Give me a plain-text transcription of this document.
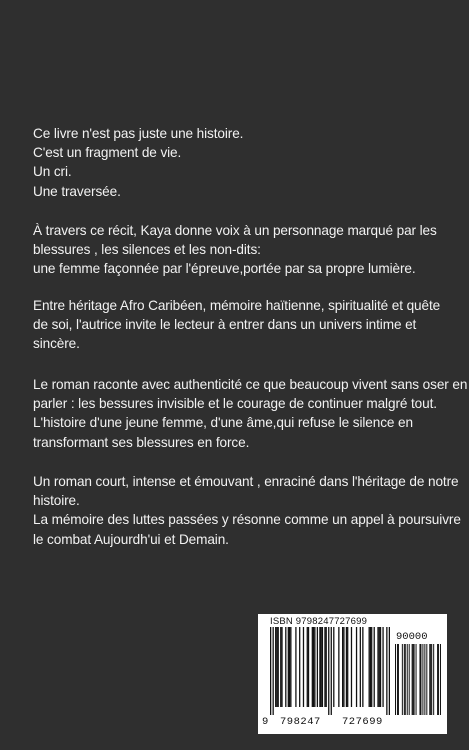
Ce livre n'est pas juste une histoire.
C'est un fragment de vie.
Un cri.
Une traversée.
À travers ce récit, Kaya donne voix à un personnage marqué par les
blessures , les silences et les non-dits:
une femme façonnée par l'épreuve,portée par sa propre lumière.
Entre héritage Afro Caribéen, mémoire haïtienne, spiritualité et quête
de soi, l'autrice invite le lecteur à entrer dans un univers intime et
sincère.
Le roman raconte avec authenticité ce que beaucoup vivent sans oser en
parler : les bessures invisible et le courage de continuer malgré tout.
L'histoire d'une jeune femme, d'une âme,qui refuse le silence en
transformant ses blessures en force.
Un roman court, intense et émouvant , enraciné dans l'héritage de notre
histoire.
La mémoire des luttes passées y résonne comme un appel à poursuivre
le combat Aujourdh'ui et Demain.
ISBN 9798247727699
90000
9 798247 727699
